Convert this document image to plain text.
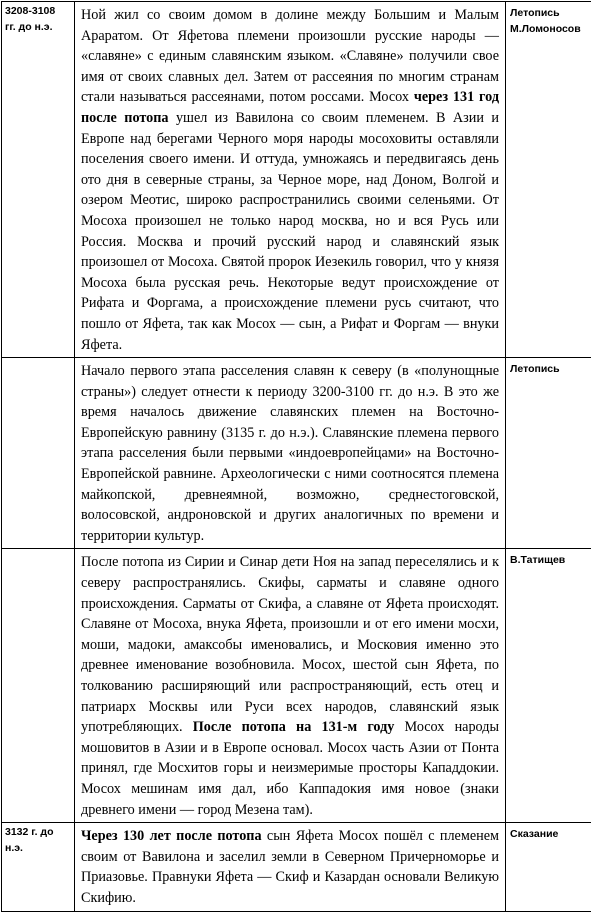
3208-3108
гг. до н.э.	Ной жил со своим домом в долине между Большим и Малым Араратом. От Яфетова племени произошли русские народы — «славяне» с единым славянским языком. «Славяне» получили свое имя от своих славных дел. Затем от рассеяния по многим странам стали называться рассеянами, потом россами. Мосох через 131 год после потопа ушел из Вавилона со своим племенем. В Азии и Европе над берегами Черного моря народы мосоховиты оставляли поселения своего имени. И оттуда, умножаясь и передвигаясь день ото дня в северные страны, за Черное море, над Доном, Волгой и озером Меотис, широко распространились своими селеньями. От Мосоха произошел не только народ москва, но и вся Русь или Россия. Москва и прочий русский народ и славянский язык произошел от Мосоха. Святой пророк Иезекиль говорил, что у князя Мосоха была русская речь. Некоторые ведут происхождение от Рифата и Форгама, а происхождение племени русь считают, что пошло от Яфета, так как Мосох — сын, а Рифат и Форгам — внуки Яфета.	Летопись
М.Ломоносов

	Начало первого этапа расселения славян к северу (в «полунощные страны») следует отнести к периоду 3200-3100 гг. до н.э. В это же время началось движение славянских племен на Восточно-Европейскую равнину (3135 г. до н.э.). Славянские племена первого этапа расселения были первыми «индоевропейцами» на Восточно-Европейской равнине. Археологически с ними соотносятся племена майкопской, древнеямной, возможно, среднестоговской, волосовской, андроновской и других аналогичных по времени и территории культур.	Летопись

	После потопа из Сирии и Синар дети Ноя на запад переселялись и к северу распространялись. Скифы, сарматы и славяне одного происхождения. Сарматы от Скифа, а славяне от Яфета происходят. Славяне от Мосоха, внука Яфета, произошли и от его имени мосхи, моши, мадоки, амаксобы именовались, и Московия именно это древнее именование возобновила. Мосох, шестой сын Яфета, по толкованию расширяющий или распространяющий, есть отец и патриарх Москвы или Руси всех народов, славянский язык употребляющих. После потопа на 131-м году Мосох народы мошовитов в Азии и в Европе основал. Мосох часть Азии от Понта принял, где Мосхитов горы и неизмеримые просторы Кападдокии. Мосох мешинам имя дал, ибо Каппадокия имя новое (знаки древнего имени — город Мезена там).	В.Татищев

3132 г. до
н.э.	Через 130 лет после потопа сын Яфета Мосох пошёл с племенем своим от Вавилона и заселил земли в Северном Причерноморье и Приазовье. Правнуки Яфета — Скиф и Казардан основали Великую Скифию.	Сказание
